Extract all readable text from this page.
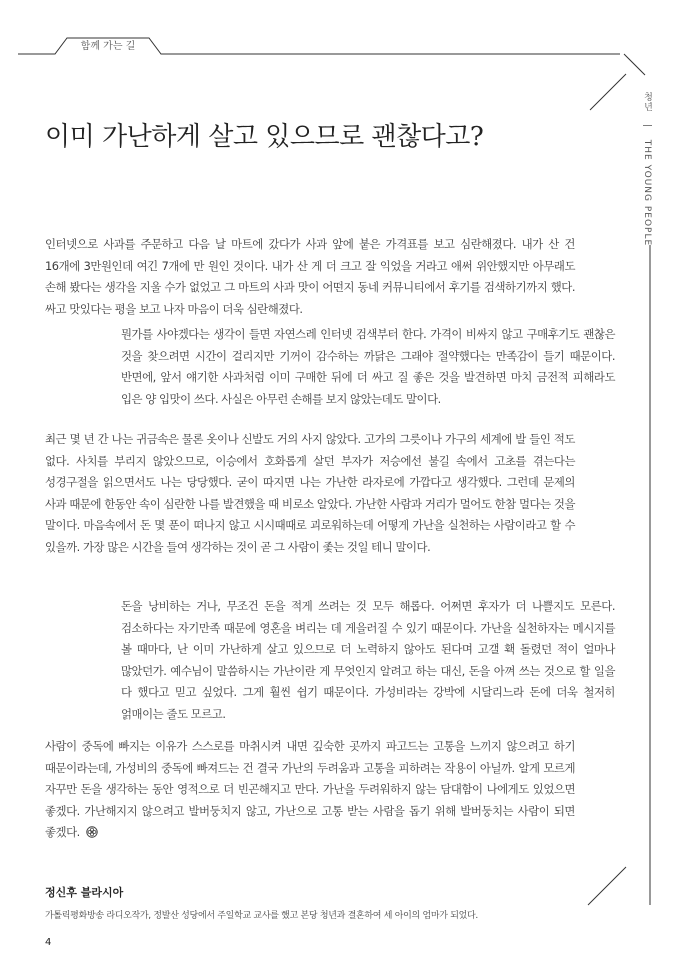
함께 가는 길
청년 | THE YOUNG PEOPLE
이미 가난하게 살고 있으므로 괜찮다고?

인터넷으로 사과를 주문하고 다음 날 마트에 갔다가 사과 앞에 붙은 가격표를 보고 심란해졌다. 내가 산 건 16개에 3만원인데 여긴 7개에 만 원인 것이다. 내가 산 게 더 크고 잘 익었을 거라고 애써 위안했지만 아무래도 손해 봤다는 생각을 지울 수가 없었고 그 마트의 사과 맛이 어떤지 동네 커뮤니티에서 후기를 검색하기까지 했다. 싸고 맛있다는 평을 보고 나자 마음이 더욱 심란해졌다.

뭔가를 사야겠다는 생각이 들면 자연스레 인터넷 검색부터 한다. 가격이 비싸지 않고 구매후기도 괜찮은 것을 찾으려면 시간이 걸리지만 기꺼이 감수하는 까닭은 그래야 절약했다는 만족감이 들기 때문이다. 반면에, 앞서 얘기한 사과처럼 이미 구매한 뒤에 더 싸고 질 좋은 것을 발견하면 마치 금전적 피해라도 입은 양 입맛이 쓰다. 사실은 아무런 손해를 보지 않았는데도 말이다.

최근 몇 년 간 나는 귀금속은 물론 옷이나 신발도 거의 사지 않았다. 고가의 그릇이나 가구의 세계에 발 들인 적도 없다. 사치를 부리지 않았으므로, 이승에서 호화롭게 살던 부자가 저승에선 불길 속에서 고초를 겪는다는 성경구절을 읽으면서도 나는 당당했다. 굳이 따지면 나는 가난한 라자로에 가깝다고 생각했다. 그런데 문제의 사과 때문에 한동안 속이 심란한 나를 발견했을 때 비로소 알았다. 가난한 사람과 거리가 멀어도 한참 멀다는 것을 말이다. 마음속에서 돈 몇 푼이 떠나지 않고 시시때때로 괴로워하는데 어떻게 가난을 실천하는 사람이라고 할 수 있을까. 가장 많은 시간을 들여 생각하는 것이 곧 그 사람이 좇는 것일 테니 말이다.

돈을 낭비하는 거나, 무조건 돈을 적게 쓰려는 것 모두 해롭다. 어쩌면 후자가 더 나쁠지도 모른다. 검소하다는 자기만족 때문에 영혼을 벼리는 데 게을러질 수 있기 때문이다. 가난을 실천하자는 메시지를 볼 때마다, 난 이미 가난하게 살고 있으므로 더 노력하지 않아도 된다며 고갤 홱 돌렸던 적이 얼마나 많았던가. 예수님이 말씀하시는 가난이란 게 무엇인지 알려고 하는 대신, 돈을 아껴 쓰는 것으로 할 일을 다 했다고 믿고 싶었다. 그게 훨씬 쉽기 때문이다. 가성비라는 강박에 시달리느라 돈에 더욱 철저히 얽매이는 줄도 모르고.

사람이 중독에 빠지는 이유가 스스로를 마취시켜 내면 깊숙한 곳까지 파고드는 고통을 느끼지 않으려고 하기 때문이라는데, 가성비의 중독에 빠져드는 건 결국 가난의 두려움과 고통을 피하려는 작용이 아닐까. 알게 모르게 자꾸만 돈을 생각하는 동안 영적으로 더 빈곤해지고 만다. 가난을 두려워하지 않는 담대함이 나에게도 있었으면 좋겠다. 가난해지지 않으려고 발버둥치지 않고, 가난으로 고통 받는 사람을 돕기 위해 발버둥치는 사람이 되면 좋겠다.

정신후 블라시아

가톨릭평화방송 라디오작가, 정발산 성당에서 주일학교 교사를 했고 본당 청년과 결혼하여 세 아이의 엄마가 되었다.

4
